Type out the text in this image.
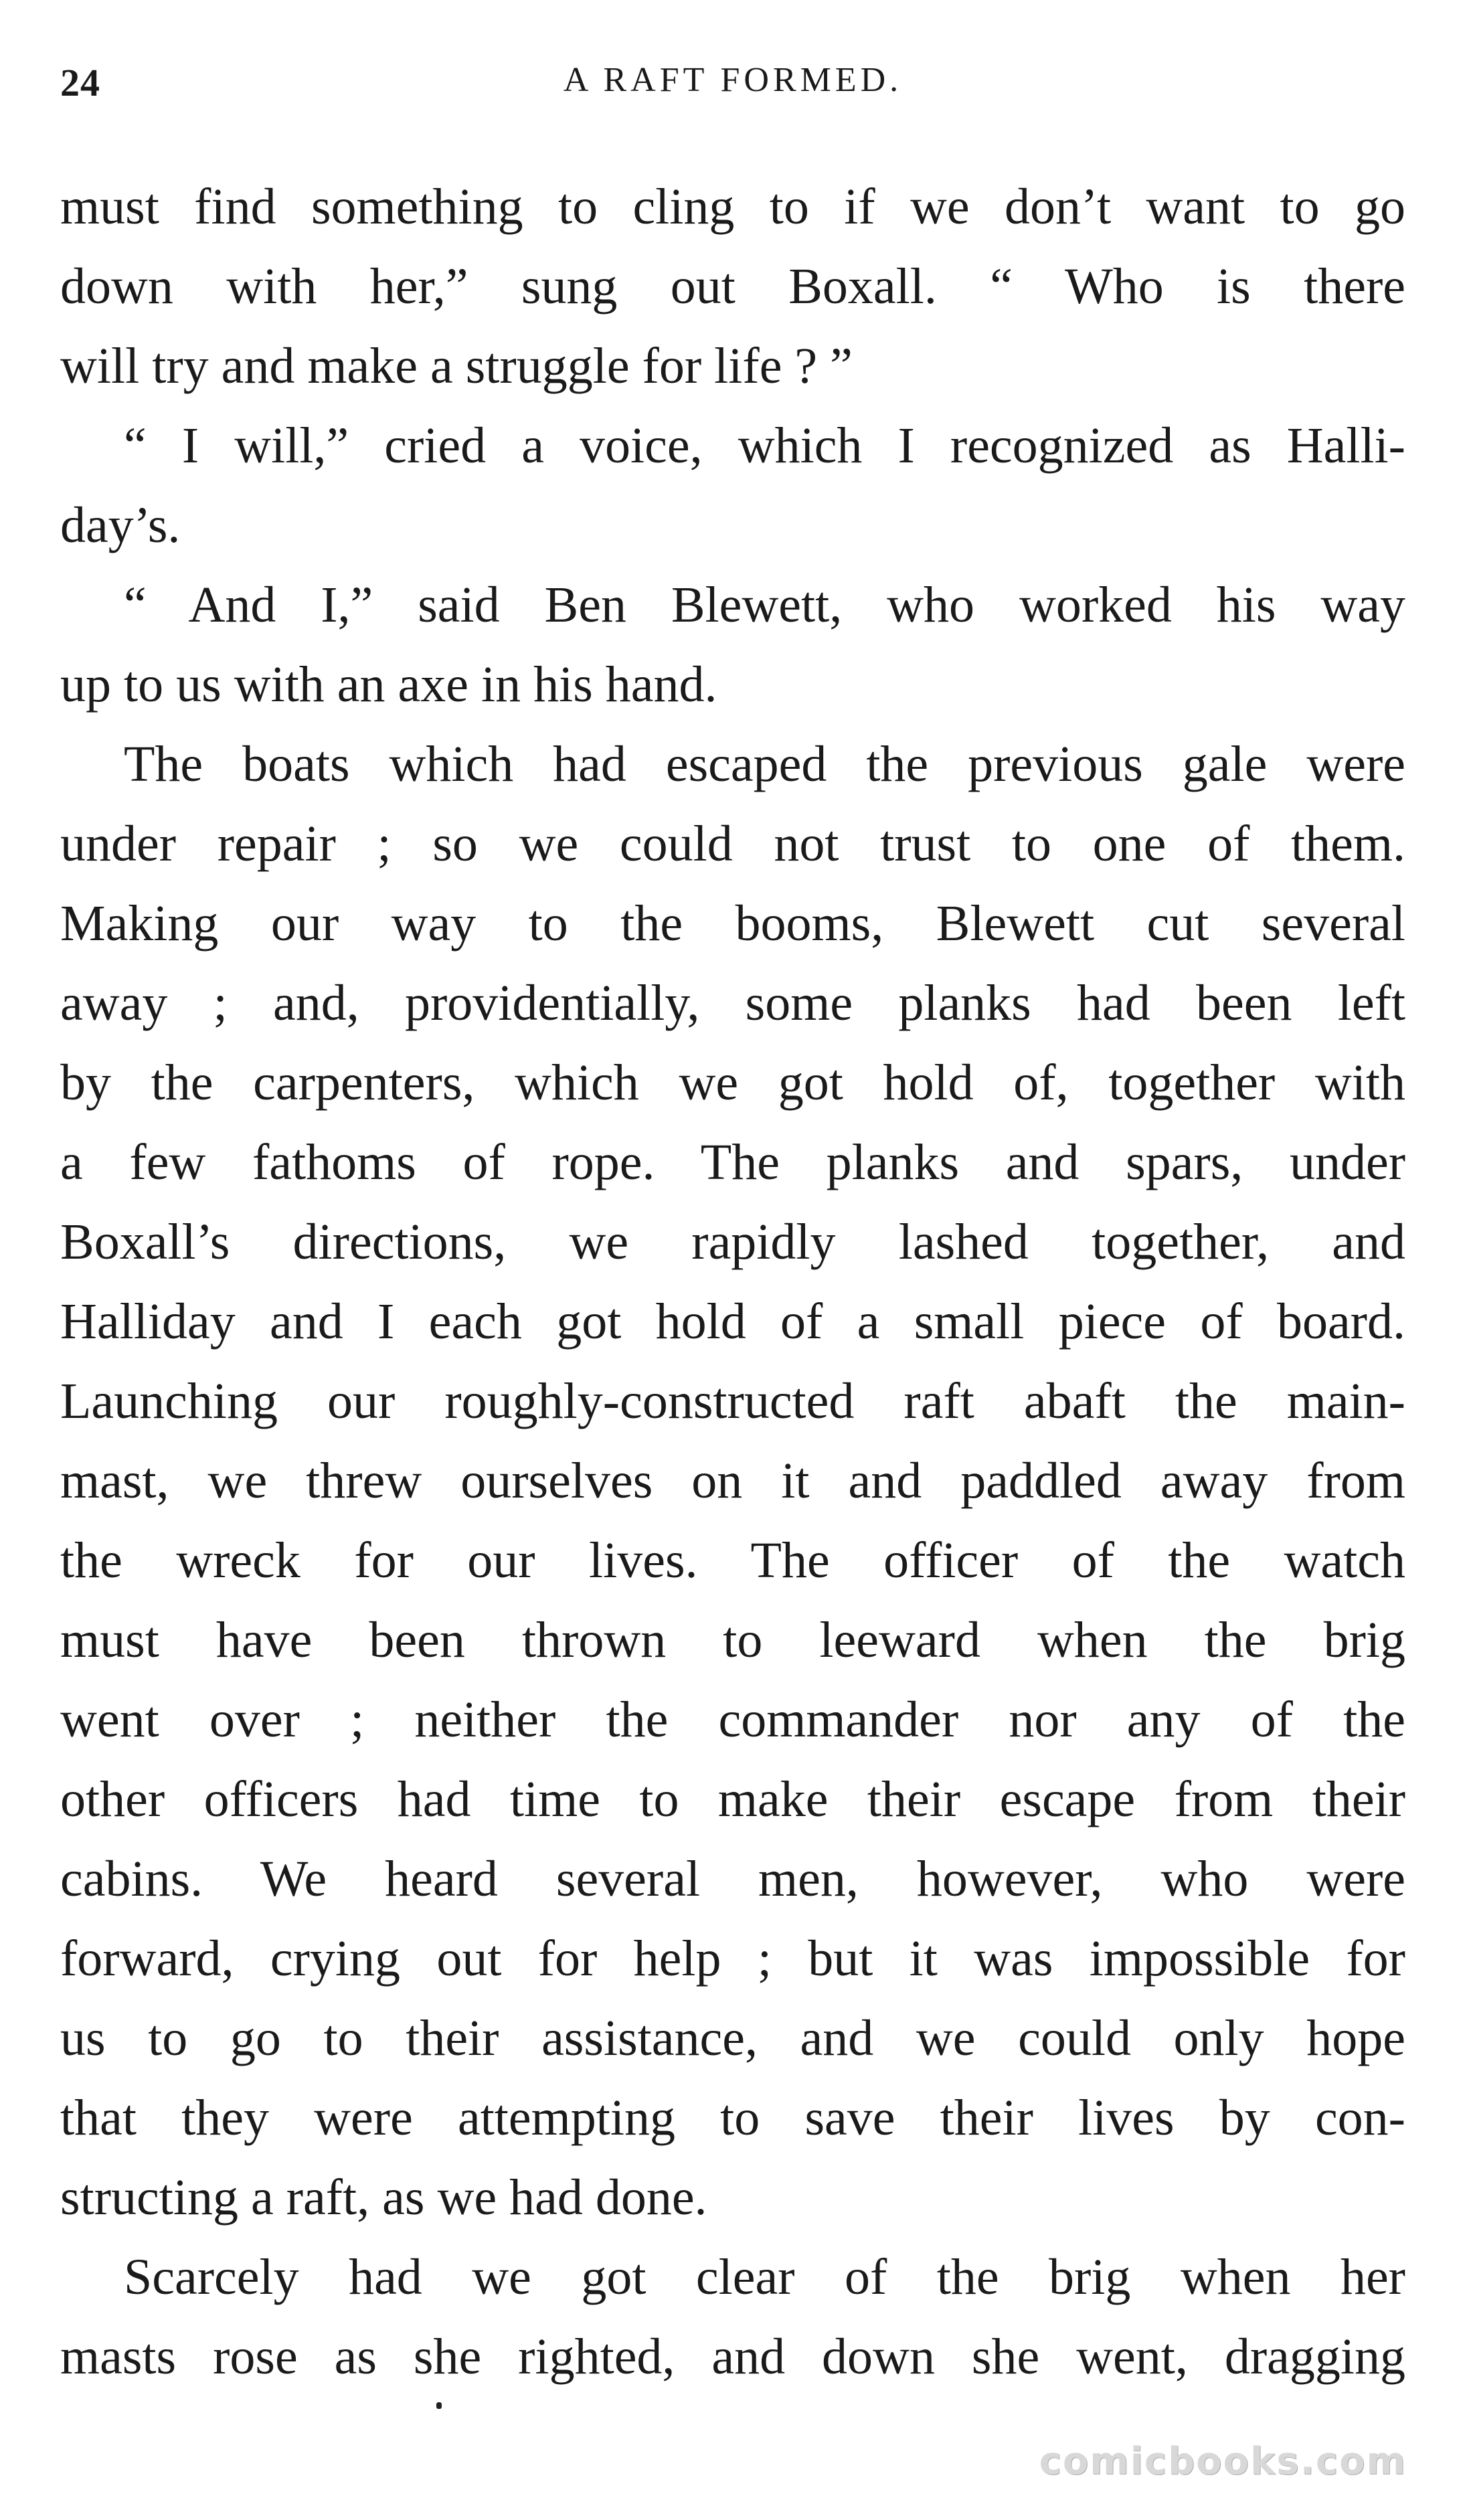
24	A RAFT FORMED.
must find something to cling to if we don’t want to go
down with her,” sung out Boxall. “ Who is there
will try and make a struggle for life ? ”
“ I will,” cried a voice, which I recognized as Halli-
day’s.
“ And I,” said Ben Blewett, who worked his way
up to us with an axe in his hand.
The boats which had escaped the previous gale were
under repair ; so we could not trust to one of them.
Making our way to the booms, Blewett cut several
away ; and, providentially, some planks had been left
by the carpenters, which we got hold of, together with
a few fathoms of rope. The planks and spars, under
Boxall’s directions, we rapidly lashed together, and
Halliday and I each got hold of a small piece of board.
Launching our roughly-constructed raft abaft the main-
mast, we threw ourselves on it and paddled away from
the wreck for our lives. The officer of the watch
must have been thrown to leeward when the brig
went over ; neither the commander nor any of the
other officers had time to make their escape from their
cabins. We heard several men, however, who were
forward, crying out for help ; but it was impossible for
us to go to their assistance, and we could only hope
that they were attempting to save their lives by con-
structing a raft, as we had done.
Scarcely had we got clear of the brig when her
masts rose as she righted, and down she went, dragging
comicbooks.com
